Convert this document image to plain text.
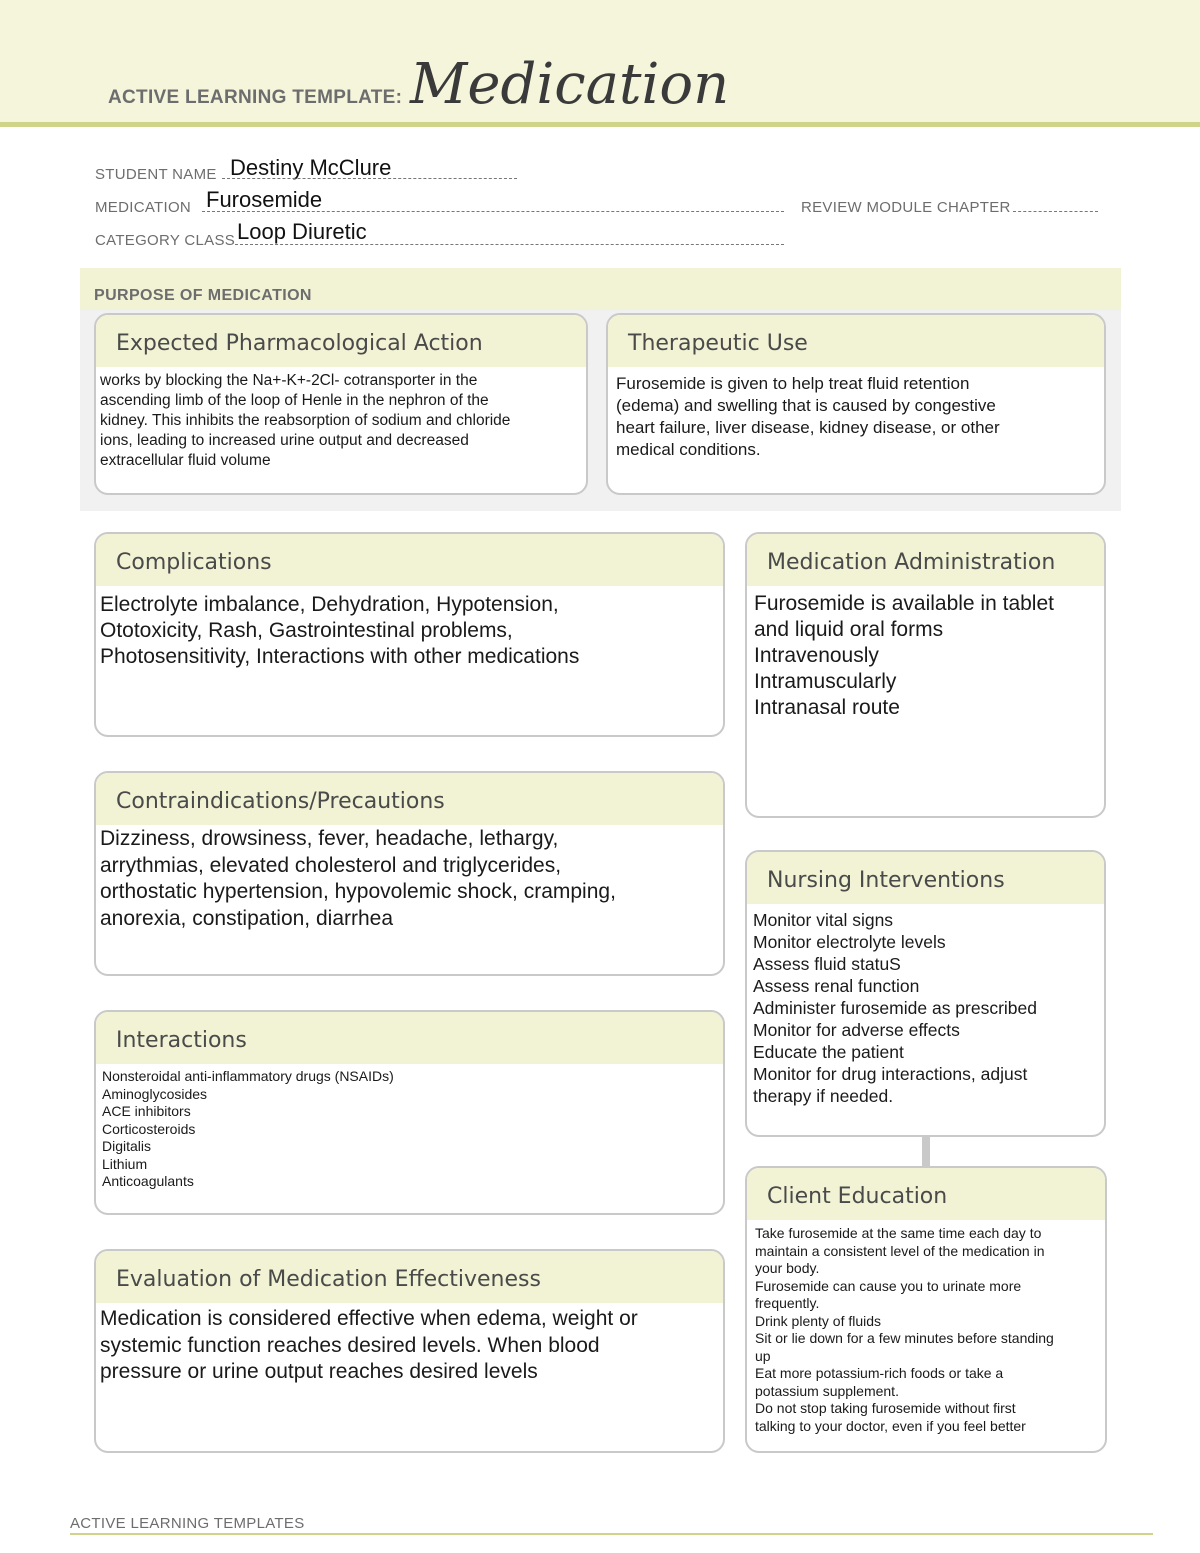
ACTIVE LEARNING TEMPLATE: Medication
STUDENT NAME Destiny McClure
MEDICATION Furosemide	REVIEW MODULE CHAPTER
CATEGORY CLASS Loop Diuretic
PURPOSE OF MEDICATION
Expected Pharmacological Action
works by blocking the Na+-K+-2Cl- cotransporter in the
ascending limb of the loop of Henle in the nephron of the
kidney. This inhibits the reabsorption of sodium and chloride
ions, leading to increased urine output and decreased
extracellular fluid volume
Therapeutic Use
Furosemide is given to help treat fluid retention
(edema) and swelling that is caused by congestive
heart failure, liver disease, kidney disease, or other
medical conditions.
Complications
Electrolyte imbalance, Dehydration, Hypotension,
Ototoxicity, Rash, Gastrointestinal problems,
Photosensitivity, Interactions with other medications
Medication Administration
Furosemide is available in tablet
and liquid oral forms
Intravenously
Intramuscularly
Intranasal route
Contraindications/Precautions
Dizziness, drowsiness, fever, headache, lethargy,
arrythmias, elevated cholesterol and triglycerides,
orthostatic hypertension, hypovolemic shock, cramping,
anorexia, constipation, diarrhea
Nursing Interventions
Monitor vital signs
Monitor electrolyte levels
Assess fluid statuS
Assess renal function
Administer furosemide as prescribed
Monitor for adverse effects
Educate the patient
Monitor for drug interactions, adjust
therapy if needed.
Interactions
Nonsteroidal anti-inflammatory drugs (NSAIDs)
Aminoglycosides
ACE inhibitors
Corticosteroids
Digitalis
Lithium
Anticoagulants
Client Education
Take furosemide at the same time each day to
maintain a consistent level of the medication in
your body.
Furosemide can cause you to urinate more
frequently.
Drink plenty of fluids
Sit or lie down for a few minutes before standing
up
Eat more potassium-rich foods or take a
potassium supplement.
Do not stop taking furosemide without first
talking to your doctor, even if you feel better
Evaluation of Medication Effectiveness
Medication is considered effective when edema, weight or
systemic function reaches desired levels. When blood
pressure or urine output reaches desired levels
ACTIVE LEARNING TEMPLATES
